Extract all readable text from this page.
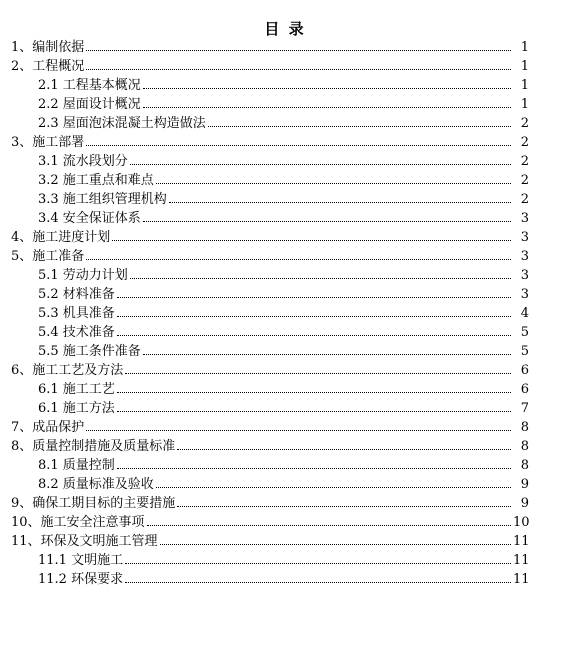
目 录
1、编制依据	1
2、工程概况	1
2.1 工程基本概况	1
2.2 屋面设计概况	1
2.3 屋面泡沫混凝土构造做法	2
3、施工部署	2
3.1 流水段划分	2
3.2 施工重点和难点	2
3.3 施工组织管理机构	2
3.4 安全保证体系	3
4、施工进度计划	3
5、施工准备	3
5.1 劳动力计划	3
5.2 材料准备	3
5.3 机具准备	4
5.4 技术准备	5
5.5 施工条件准备	5
6、施工工艺及方法	6
6.1 施工工艺	6
6.1 施工方法	7
7、成品保护	8
8、质量控制措施及质量标准	8
8.1 质量控制	8
8.2 质量标准及验收	9
9、确保工期目标的主要措施	9
10、施工安全注意事项	10
11、环保及文明施工管理	11
11.1 文明施工	11
11.2 环保要求	11
